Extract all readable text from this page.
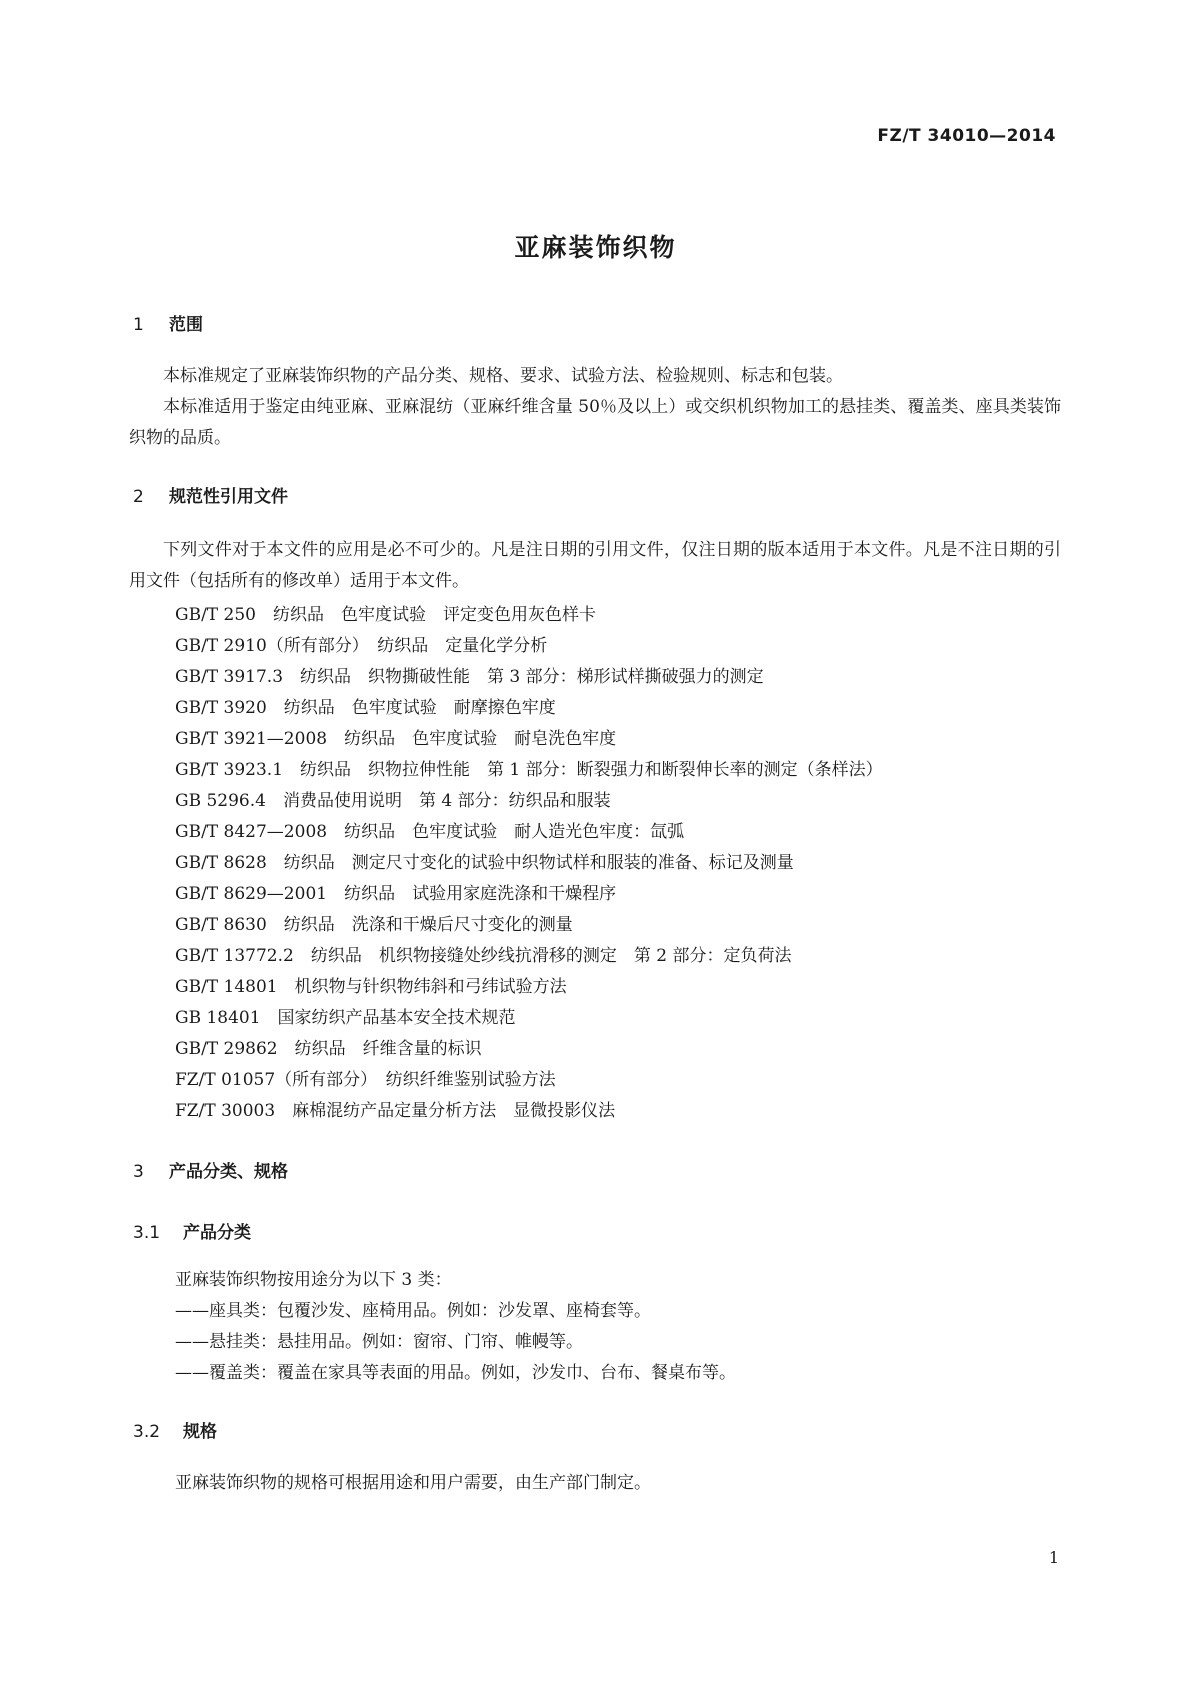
FZ/T 34010—2014
亚麻装饰织物
1 范围
本标准规定了亚麻装饰织物的产品分类、规格、要求、试验方法、检验规则、标志和包装。
本标准适用于鉴定由纯亚麻、亚麻混纺（亚麻纤维含量 50％及以上）或交织机织物加工的悬挂类、覆盖类、座具类装饰织物的品质。
2 规范性引用文件
下列文件对于本文件的应用是必不可少的。凡是注日期的引用文件，仅注日期的版本适用于本文件。凡是不注日期的引用文件（包括所有的修改单）适用于本文件。
GB/T 250　纺织品　色牢度试验　评定变色用灰色样卡
GB/T 2910（所有部分）　纺织品　定量化学分析
GB/T 3917.3　纺织品　织物撕破性能　第 3 部分：梯形试样撕破强力的测定
GB/T 3920　纺织品　色牢度试验　耐摩擦色牢度
GB/T 3921—2008　纺织品　色牢度试验　耐皂洗色牢度
GB/T 3923.1　纺织品　织物拉伸性能　第 1 部分：断裂强力和断裂伸长率的测定（条样法）
GB 5296.4　消费品使用说明　第 4 部分：纺织品和服装
GB/T 8427—2008　纺织品　色牢度试验　耐人造光色牢度：氙弧
GB/T 8628　纺织品　测定尺寸变化的试验中织物试样和服装的准备、标记及测量
GB/T 8629—2001　纺织品　试验用家庭洗涤和干燥程序
GB/T 8630　纺织品　洗涤和干燥后尺寸变化的测量
GB/T 13772.2　纺织品　机织物接缝处纱线抗滑移的测定　第 2 部分：定负荷法
GB/T 14801　机织物与针织物纬斜和弓纬试验方法
GB 18401　国家纺织产品基本安全技术规范
GB/T 29862　纺织品　纤维含量的标识
FZ/T 01057（所有部分）　纺织纤维鉴别试验方法
FZ/T 30003　麻棉混纺产品定量分析方法　显微投影仪法
3 产品分类、规格
3.1 产品分类
亚麻装饰织物按用途分为以下 3 类：
——座具类：包覆沙发、座椅用品。例如：沙发罩、座椅套等。
——悬挂类：悬挂用品。例如：窗帘、门帘、帷幔等。
——覆盖类：覆盖在家具等表面的用品。例如，沙发巾、台布、餐桌布等。
3.2 规格
亚麻装饰织物的规格可根据用途和用户需要，由生产部门制定。
1
